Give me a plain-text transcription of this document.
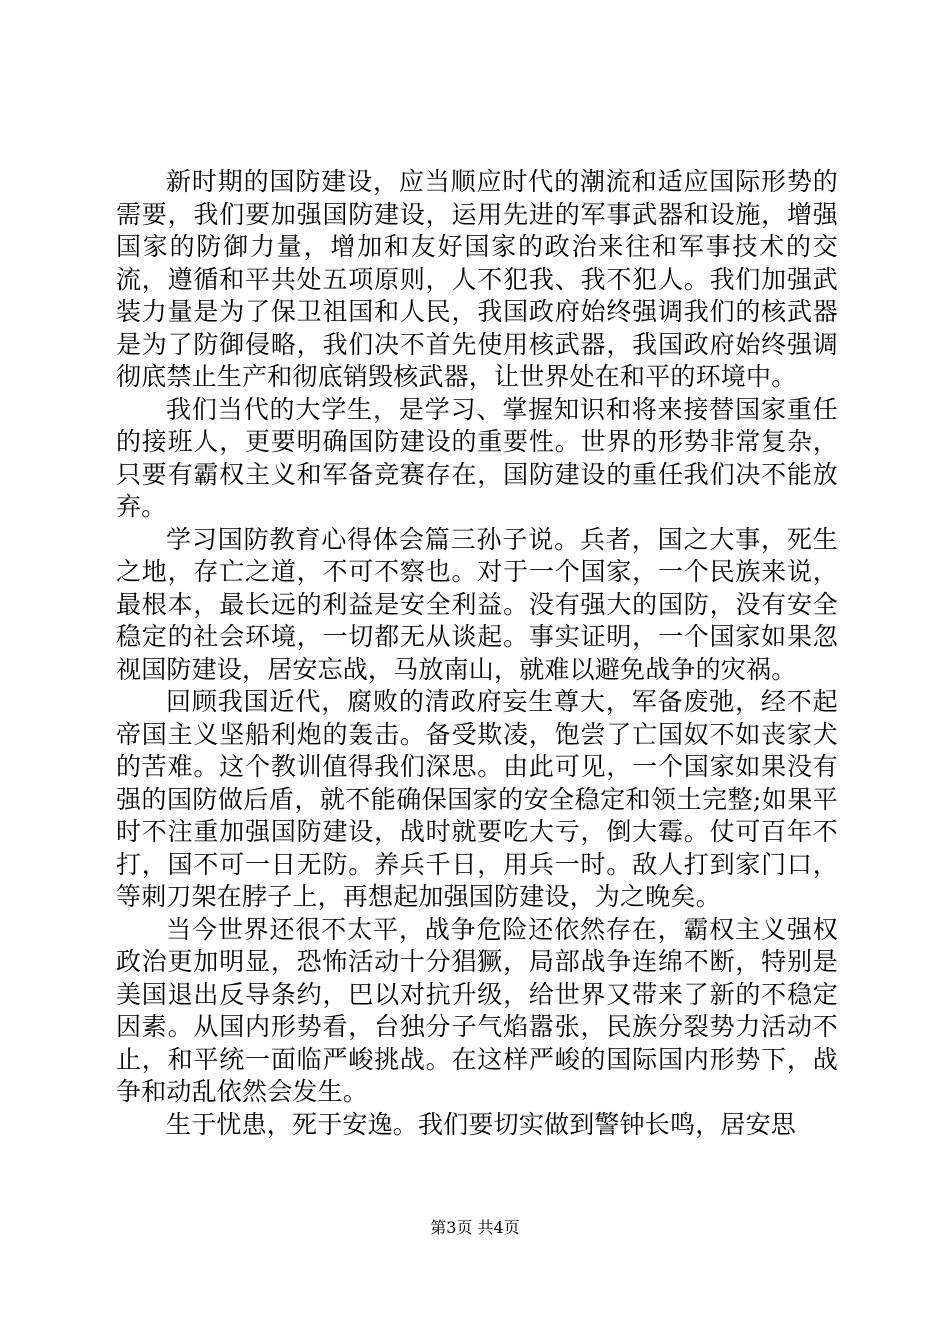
新时期的国防建设，应当顺应时代的潮流和适应国际形势的需要，我们要加强国防建设，运用先进的军事武器和设施，增强国家的防御力量，增加和友好国家的政治来往和军事技术的交流，遵循和平共处五项原则，人不犯我、我不犯人。我们加强武装力量是为了保卫祖国和人民，我国政府始终强调我们的核武器是为了防御侵略，我们决不首先使用核武器，我国政府始终强调彻底禁止生产和彻底销毁核武器，让世界处在和平的环境中。

我们当代的大学生，是学习、掌握知识和将来接替国家重任的接班人，更要明确国防建设的重要性。世界的形势非常复杂，只要有霸权主义和军备竞赛存在，国防建设的重任我们决不能放弃。

学习国防教育心得体会篇三孙子说。兵者，国之大事，死生之地，存亡之道，不可不察也。对于一个国家，一个民族来说，最根本，最长远的利益是安全利益。没有强大的国防，没有安全稳定的社会环境，一切都无从谈起。事实证明，一个国家如果忽视国防建设，居安忘战，马放南山，就难以避免战争的灾祸。

回顾我国近代，腐败的清政府妄生尊大，军备废弛，经不起帝国主义坚船利炮的轰击。备受欺凌，饱尝了亡国奴不如丧家犬的苦难。这个教训值得我们深思。由此可见，一个国家如果没有强的国防做后盾，就不能确保国家的安全稳定和领土完整;如果平时不注重加强国防建设，战时就要吃大亏，倒大霉。仗可百年不打，国不可一日无防。养兵千日，用兵一时。敌人打到家门口，等刺刀架在脖子上，再想起加强国防建设，为之晚矣。

当今世界还很不太平，战争危险还依然存在，霸权主义强权政治更加明显，恐怖活动十分猖獗，局部战争连绵不断，特别是美国退出反导条约，巴以对抗升级，给世界又带来了新的不稳定因素。从国内形势看，台独分子气焰嚣张，民族分裂势力活动不止，和平统一面临严峻挑战。在这样严峻的国际国内形势下，战争和动乱依然会发生。

生于忧患，死于安逸。我们要切实做到警钟长鸣，居安思

第3页 共4页
